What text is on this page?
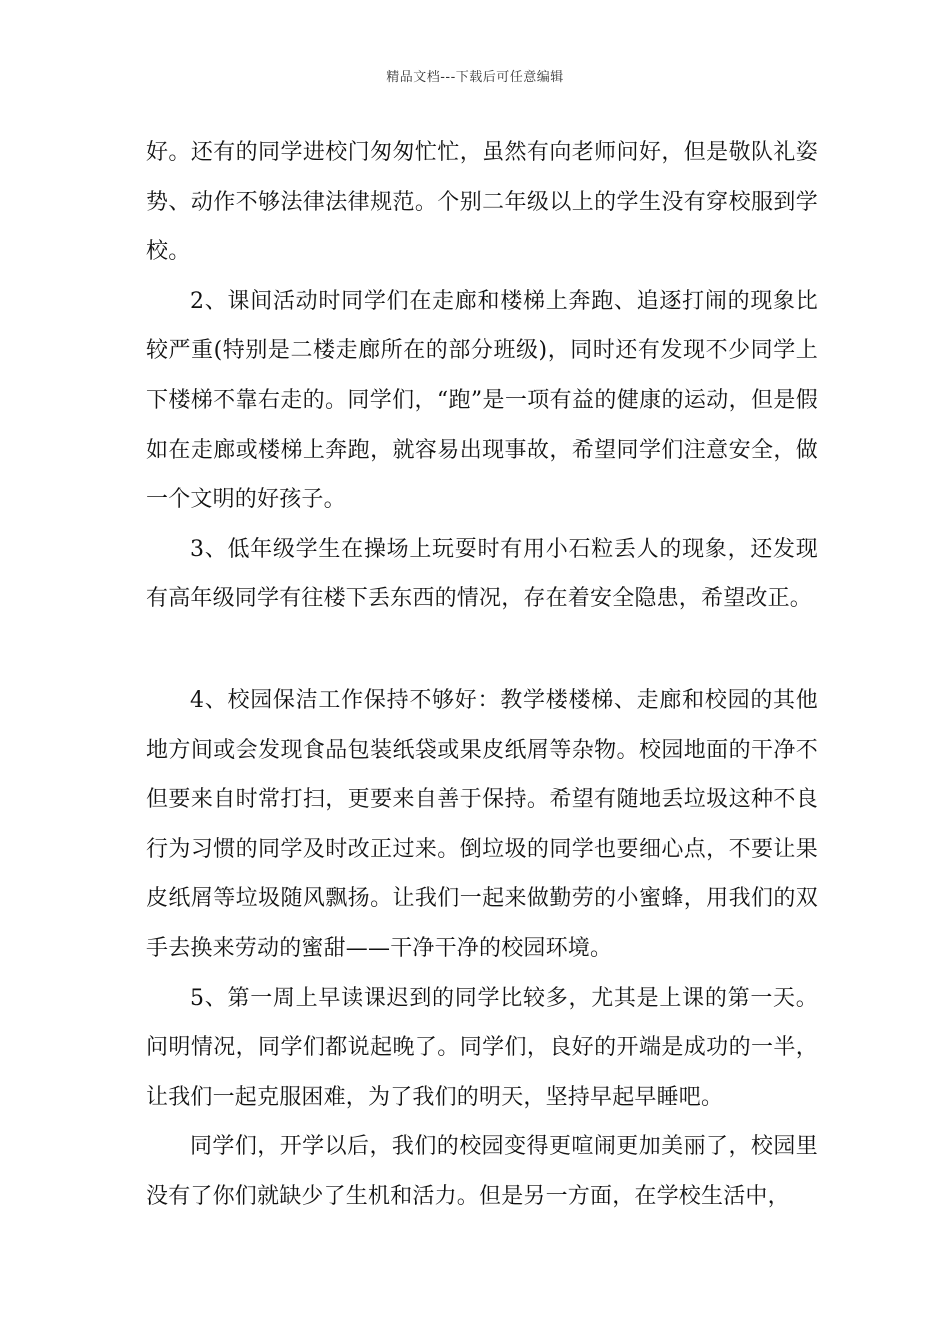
精品文档---下载后可任意编辑

好。还有的同学进校门匆匆忙忙，虽然有向老师问好，但是敬队礼姿势、动作不够法律法律规范。个别二年级以上的学生没有穿校服到学校。

2、课间活动时同学们在走廊和楼梯上奔跑、追逐打闹的现象比较严重(特别是二楼走廊所在的部分班级)，同时还有发现不少同学上下楼梯不靠右走的。同学们，“跑”是一项有益的健康的运动，但是假如在走廊或楼梯上奔跑，就容易出现事故，希望同学们注意安全，做一个文明的好孩子。

3、低年级学生在操场上玩耍时有用小石粒丢人的现象，还发现有高年级同学有往楼下丢东西的情况，存在着安全隐患，希望改正。

4、校园保洁工作保持不够好：教学楼楼梯、走廊和校园的其他地方间或会发现食品包装纸袋或果皮纸屑等杂物。校园地面的干净不但要来自时常打扫，更要来自善于保持。希望有随地丢垃圾这种不良行为习惯的同学及时改正过来。倒垃圾的同学也要细心点，不要让果皮纸屑等垃圾随风飘扬。让我们一起来做勤劳的小蜜蜂，用我们的双手去换来劳动的蜜甜——干净干净的校园环境。

5、第一周上早读课迟到的同学比较多，尤其是上课的第一天。问明情况，同学们都说起晚了。同学们，良好的开端是成功的一半，让我们一起克服困难，为了我们的明天，坚持早起早睡吧。

同学们，开学以后，我们的校园变得更喧闹更加美丽了，校园里没有了你们就缺少了生机和活力。但是另一方面，在学校生活中，
